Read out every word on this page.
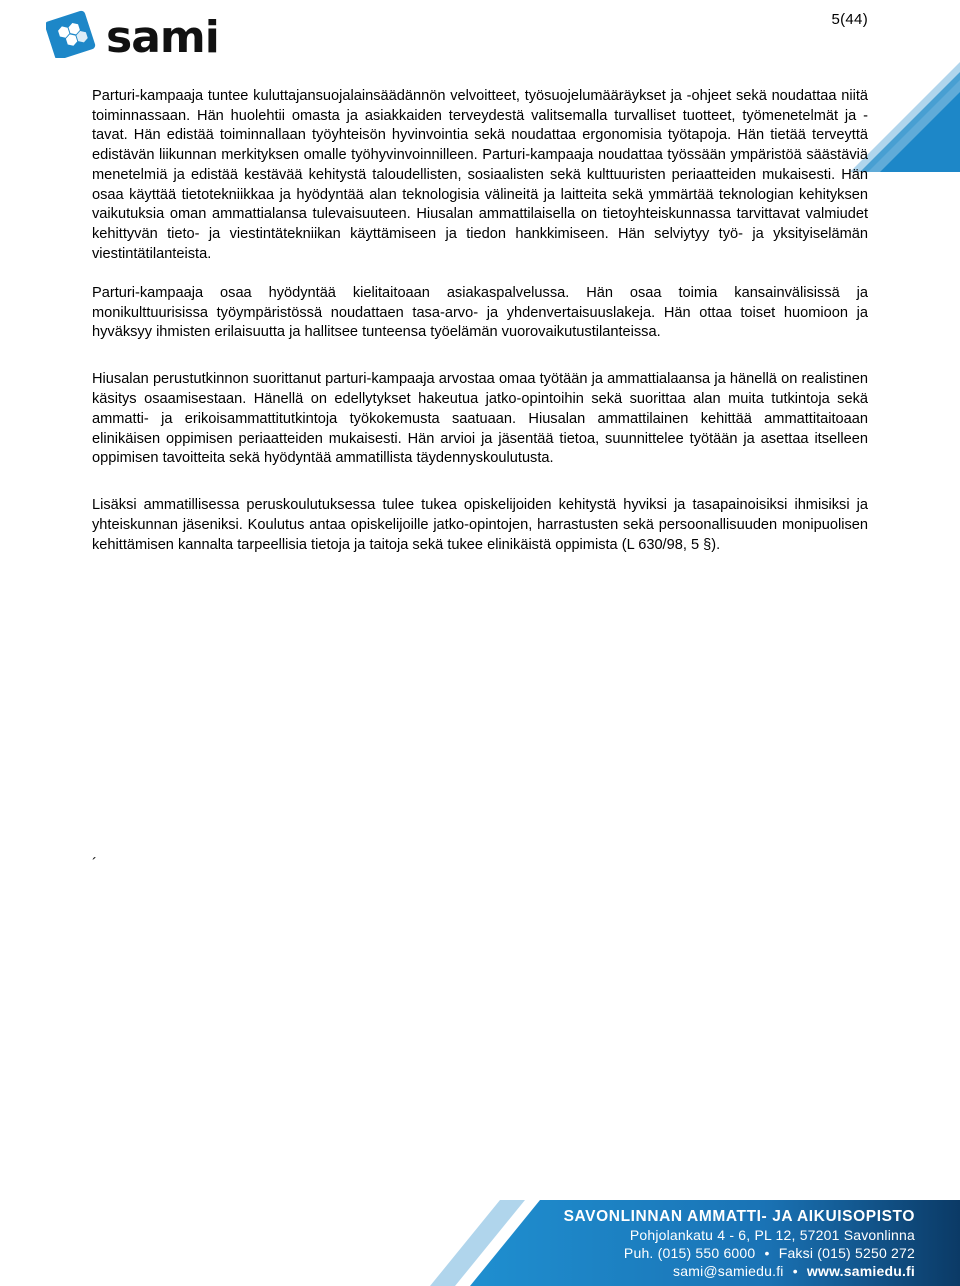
sami	5(44)

Parturi-kampaaja tuntee kuluttajansuojalainsäädännön velvoitteet, työsuojelumääräykset ja -ohjeet sekä noudattaa niitä toiminnassaan. Hän huolehtii omasta ja asiakkaiden terveydestä valitsemalla turvalliset tuotteet, työmenetelmät ja -tavat. Hän edistää toiminnallaan työyhteisön hyvinvointia sekä noudattaa ergonomisia työtapoja. Hän tietää terveyttä edistävän liikunnan merkityksen omalle työhyvinvoinnilleen. Parturi-kampaaja noudattaa työssään ympäristöä säästäviä menetelmiä ja edistää kestävää kehitystä taloudellisten, sosiaalisten sekä kulttuuristen periaatteiden mukaisesti. Hän osaa käyttää tietotekniikkaa ja hyödyntää alan teknologisia välineitä ja laitteita sekä ymmärtää teknologian kehityksen vaikutuksia oman ammattialansa tulevaisuuteen. Hiusalan ammattilaisella on tietoyhteiskunnassa tarvittavat valmiudet kehittyvän tieto- ja viestintätekniikan käyttämiseen ja tiedon hankkimiseen. Hän selviytyy työ- ja yksityiselämän viestintätilanteista.

Parturi-kampaaja osaa hyödyntää kielitaitoaan asiakaspalvelussa. Hän osaa toimia kansainvälisissä ja monikulttuurisissa työympäristössä noudattaen tasa-arvo- ja yhdenvertaisuuslakeja. Hän ottaa toiset huomioon ja hyväksyy ihmisten erilaisuutta ja hallitsee tunteensa työelämän vuorovaikutustilanteissa.

Hiusalan perustutkinnon suorittanut parturi-kampaaja arvostaa omaa työtään ja ammattialaansa ja hänellä on realistinen käsitys osaamisestaan. Hänellä on edellytykset hakeutua jatko-opintoihin sekä suorittaa alan muita tutkintoja sekä ammatti- ja erikoisammattitutkintoja työkokemusta saatuaan. Hiusalan ammattilainen kehittää ammattitaitoaan elinikäisen oppimisen periaatteiden mukaisesti. Hän arvioi ja jäsentää tietoa, suunnittelee työtään ja asettaa itselleen oppimisen tavoitteita sekä hyödyntää ammatillista täydennyskoulutusta.

Lisäksi ammatillisessa peruskoulutuksessa tulee tukea opiskelijoiden kehitystä hyviksi ja tasapainoisiksi ihmisiksi ja yhteiskunnan jäseniksi. Koulutus antaa opiskelijoille jatko-opintojen, harrastusten sekä persoonallisuuden monipuolisen kehittämisen kannalta tarpeellisia tietoja ja taitoja sekä tukee elinikäistä oppimista (L 630/98, 5 §).

´
SAVONLINNAN AMMATTI- JA AIKUISOPISTO
Pohjolankatu 4 - 6, PL 12, 57201 Savonlinna
Puh. (015) 550 6000 • Faksi (015) 5250 272
sami@samiedu.fi • www.samiedu.fi
